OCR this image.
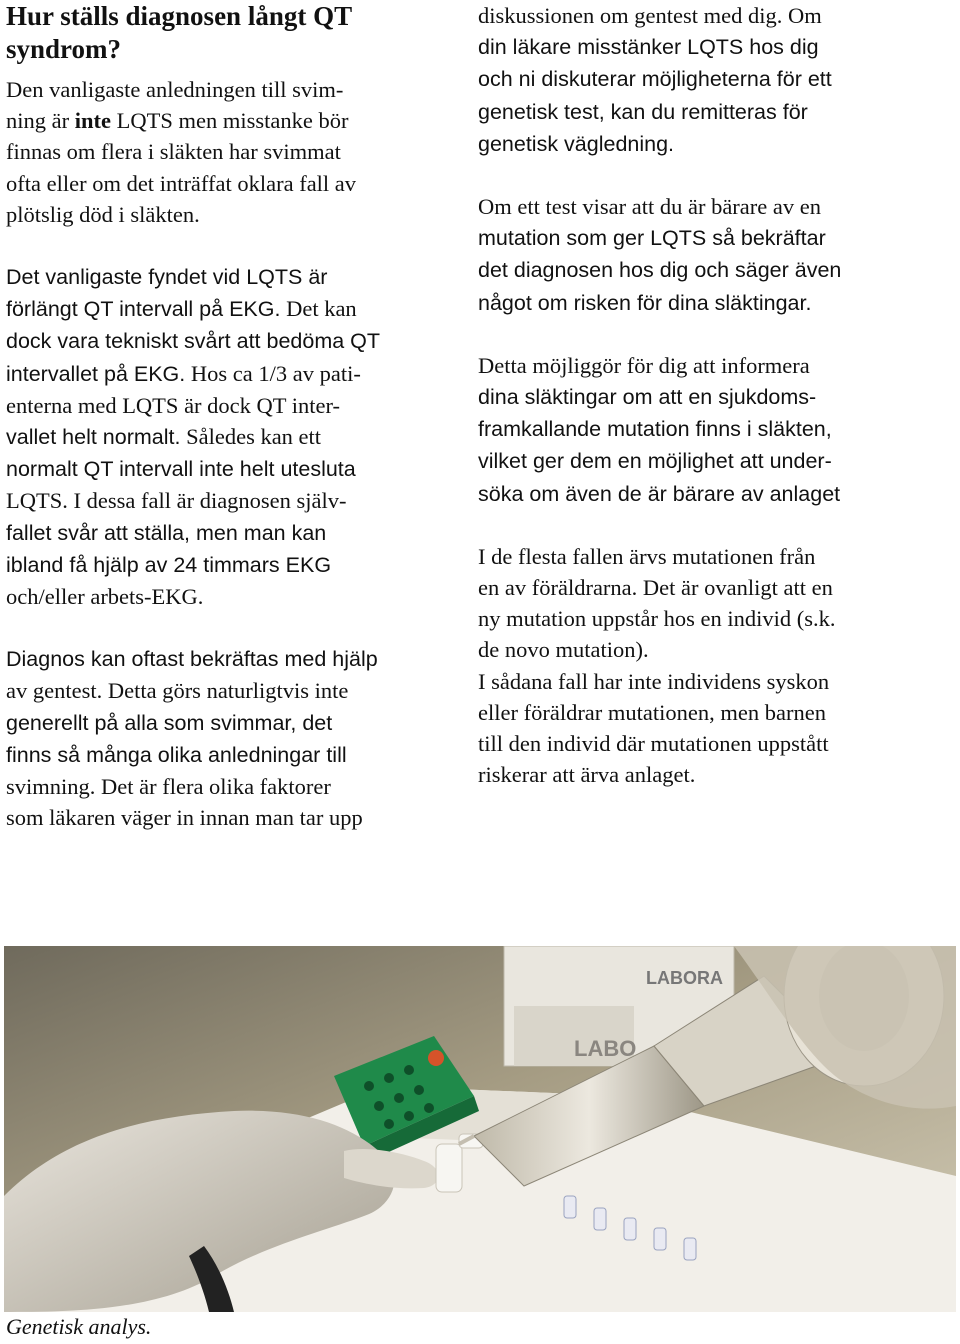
Hur ställs diagnosen långt QT
syndrom?

Den vanligaste anledningen till svim-
ning är inte LQTS men misstanke bör
finnas om flera i släkten har svimmat
ofta eller om det inträffat oklara fall av
plötslig död i släkten.

Det vanligaste fyndet vid LQTS är
förlängt QT intervall på EKG. Det kan
dock vara tekniskt svårt att bedöma QT
intervallet på EKG. Hos ca 1/3 av pati-
enterna med LQTS är dock QT inter-
vallet helt normalt. Således kan ett
normalt QT intervall inte helt utesluta
LQTS. I dessa fall är diagnosen själv-
fallet svår att ställa, men man kan
ibland få hjälp av 24 timmars EKG
och/eller arbets-EKG.

Diagnos kan oftast bekräftas med hjälp
av gentest. Detta görs naturligtvis inte
generellt på alla som svimmar, det
finns så många olika anledningar till
svimning. Det är flera olika faktorer
som läkaren väger in innan man tar upp

diskussionen om gentest med dig. Om
din läkare misstänker LQTS hos dig
och ni diskuterar möjligheterna för ett
genetisk test, kan du remitteras för
genetisk vägledning.

Om ett test visar att du är bärare av en
mutation som ger LQTS så bekräftar
det diagnosen hos dig och säger även
något om risken för dina släktingar.

Detta möjliggör för dig att informera
dina släktingar om att en sjukdoms-
framkallande mutation finns i släkten,
vilket ger dem en möjlighet att under-
söka om även de är bärare av anlaget

I de flesta fallen ärvs mutationen från
en av föräldrarna. Det är ovanligt att en
ny mutation uppstår hos en individ (s.k.
de novo mutation).
I sådana fall har inte individens syskon
eller föräldrar mutationen, men barnen
till den individ där mutationen uppstått
riskerar att ärva anlaget.

LABORA
LABO
Genetisk analys.
